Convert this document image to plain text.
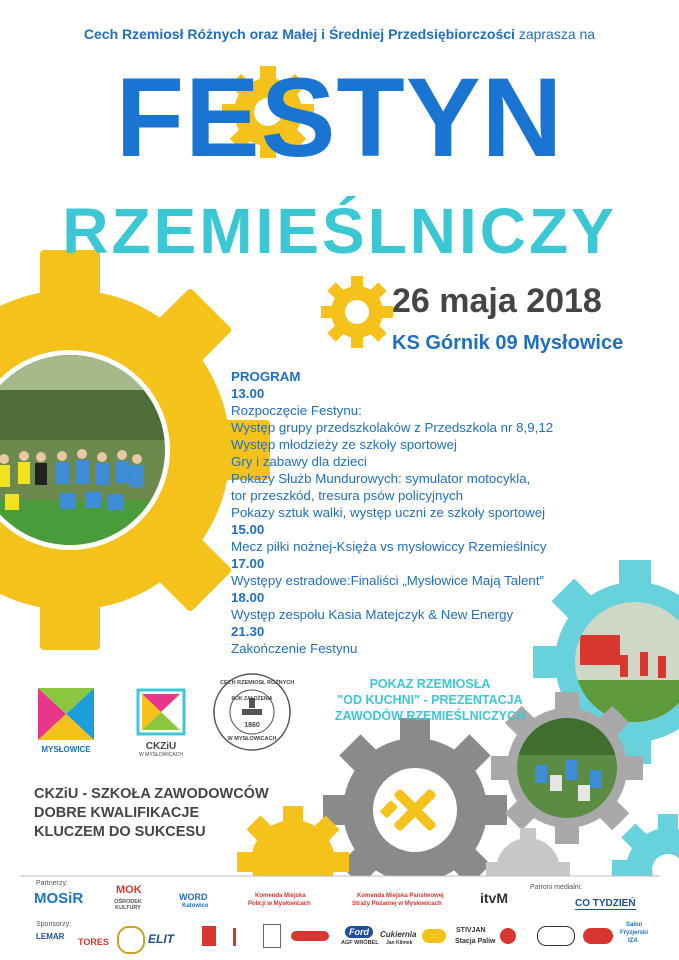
Cech Rzemiosł Różnych oraz Małej i Średniej Przedsiębiorczości zaprasza na
FESTYN
RZEMIEŚLNICZY
26 maja 2018
KS Górnik 09 Mysłowice
PROGRAM
13.00
Rozpoczęcie Festynu:
Występ grupy przedszkolaków z Przedszkola nr 8,9,12
Występ młodzieży ze szkoły sportowej
Gry i zabawy dla dzieci
Pokazy Służb Mundurowych: symulator motocykla,
tor przeszkód, tresura psów policyjnych
Pokazy sztuk walki, występ uczni ze szkoły sportowej
15.00
Mecz piłki nożnej-Księża vs mysłowiccy Rzemieślnicy
17.00
Występy estradowe:Finaliści „Mysłowice Mają Talent”
18.00
Występ zespołu Kasia Matejczyk & New Energy
21.30
Zakończenie Festynu
POKAZ RZEMIOSŁA
"OD KUCHNI" - PREZENTACJA
ZAWODÓW RZEMIEŚLNICZYCH
MYSŁOWICE	CKZiU
W MYSŁOWICACH
CECH RZEMIOSŁ RÓŻNYCH
ROK ZAŁOŻENIA
1860
W MYSŁOWICACH
CKZiU - SZKOŁA ZAWODOWCÓW
DOBRE KWALIFIKACJE
KLUCZEM DO SUKCESU
Partnerzy:
Patroni medialni:
Sponsorzy:
MOSiR	MOK
OŚRODEK KULTURY
WORD
Katowice
Komenda Miejska
Policji w Mysłowicach
Komenda Miejska Państwowej
Straży Pożarnej w Mysłowicach	itvM	CO TYDZIEŃ
LEMAR
TORES	ELIT	Ford
AGF WRÓBEL
Cukiernia
Jan Klimek
STIVJAN
Stacja Paliw
Salon
Fryzjerski
IZA
